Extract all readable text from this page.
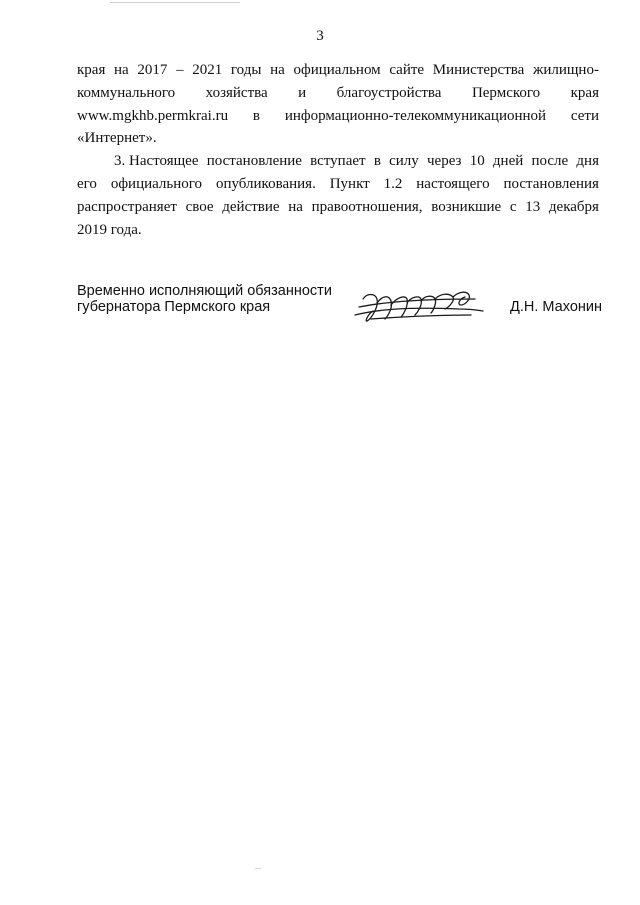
3
края на 2017 – 2021 годы на официальном сайте Министерства жилищно-
коммунального хозяйства и благоустройства Пермского края
www.mgkhb.permkrai.ru в информационно-телекоммуникационной сети
«Интернет».
3. Настоящее постановление вступает в силу через 10 дней после дня
его официального опубликования. Пункт 1.2 настоящего постановления
распространяет свое действие на правоотношения, возникшие с 13 декабря
2019 года.
Временно исполняющий обязанности
губернатора Пермского края	Д.Н. Махонин
